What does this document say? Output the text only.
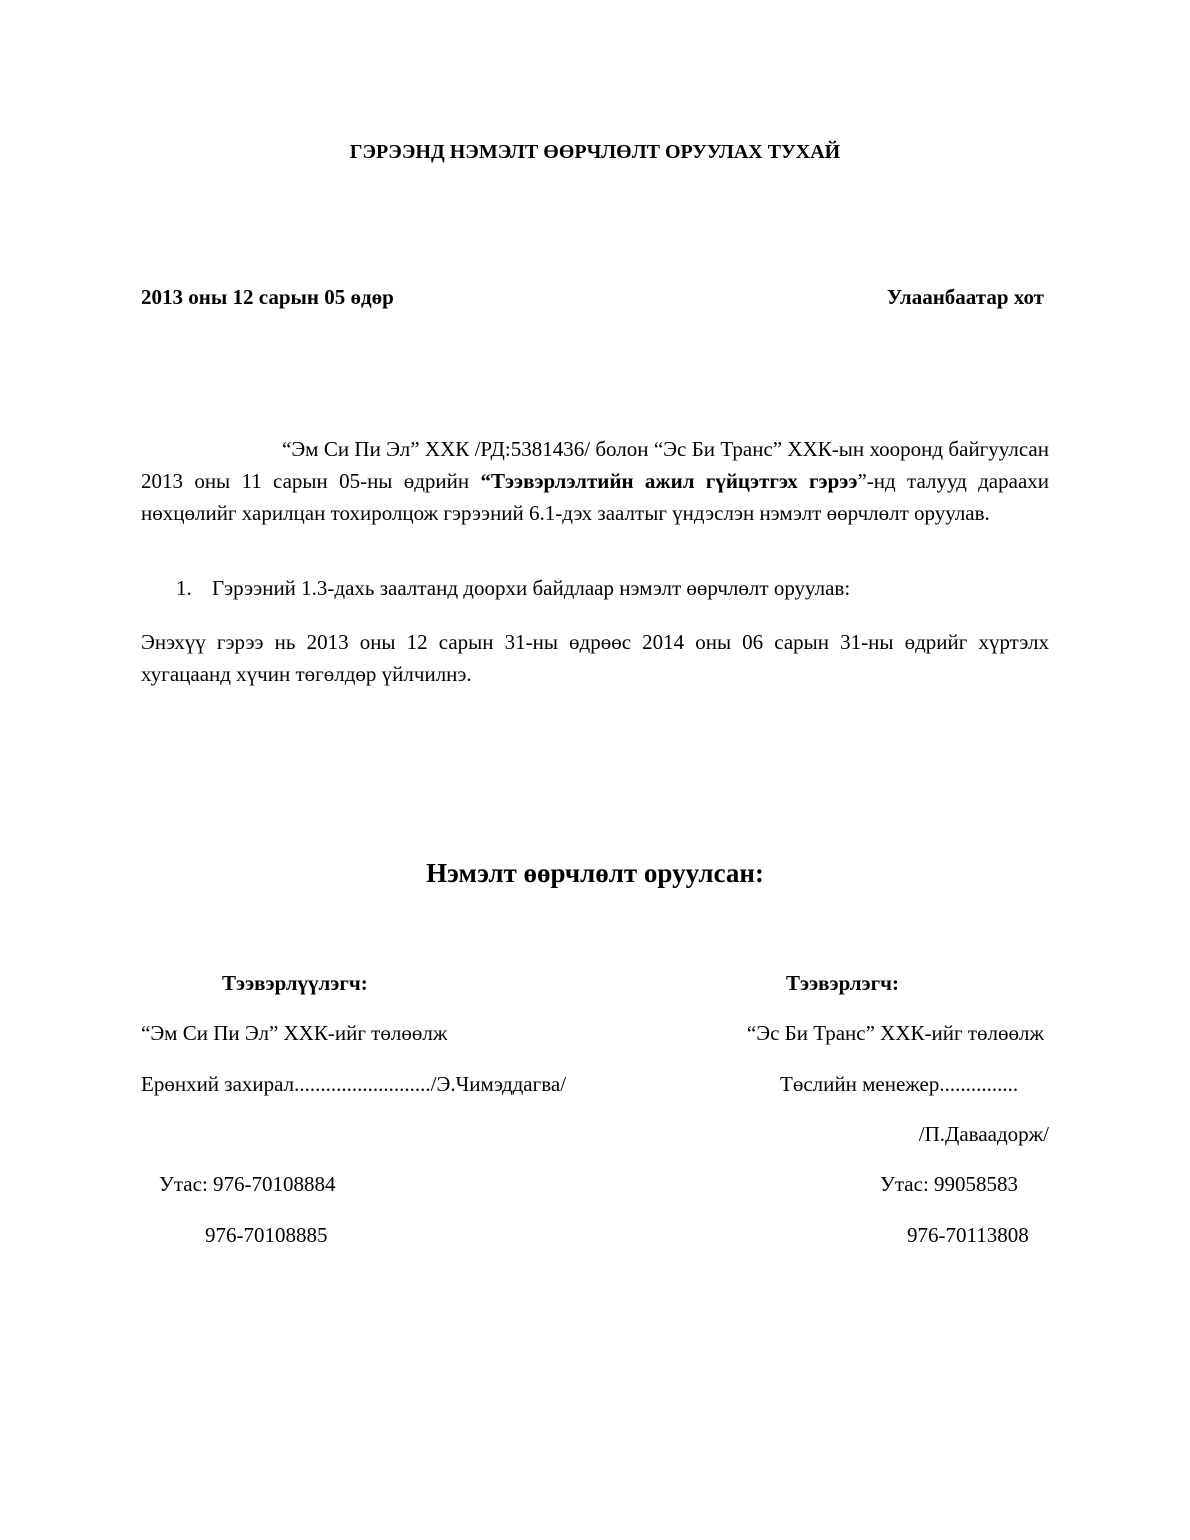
ГЭРЭЭНД НЭМЭЛТ ӨӨРЧЛӨЛТ ОРУУЛАХ ТУХАЙ
2013 оны 12 сарын 05 өдөр	Улаанбаатар хот
“Эм Си Пи Эл” ХХК /РД:5381436/ болон “Эс Би Транс” ХХК-ын хооронд байгуулсан 2013 оны 11 сарын 05-ны өдрийн “Тээвэрлэлтийн ажил гүйцэтгэх гэрээ”-нд талууд дараахи нөхцөлийг харилцан тохиролцож гэрээний 6.1-дэх заалтыг үндэслэн нэмэлт өөрчлөлт оруулав.
1. Гэрээний 1.3-дахь заалтанд доорхи байдлаар нэмэлт өөрчлөлт оруулав:
Энэхүү гэрээ нь 2013 оны 12 сарын 31-ны өдрөөс 2014 оны 06 сарын 31-ны өдрийг хүртэлх хугацаанд хүчин төгөлдөр үйлчилнэ.
Нэмэлт өөрчлөлт оруулсан:
Тээвэрлүүлэгч:
“Эм Си Пи Эл” ХХК-ийг төлөөлж
Ерөнхий захирал........................../Э.Чимэддагва/
Утас: 976-70108884
976-70108885
Тээвэрлэгч:
“Эс Би Транс” ХХК-ийг төлөөлж
Төслийн менежер...............
/П.Даваадорж/
Утас: 99058583
976-70113808
